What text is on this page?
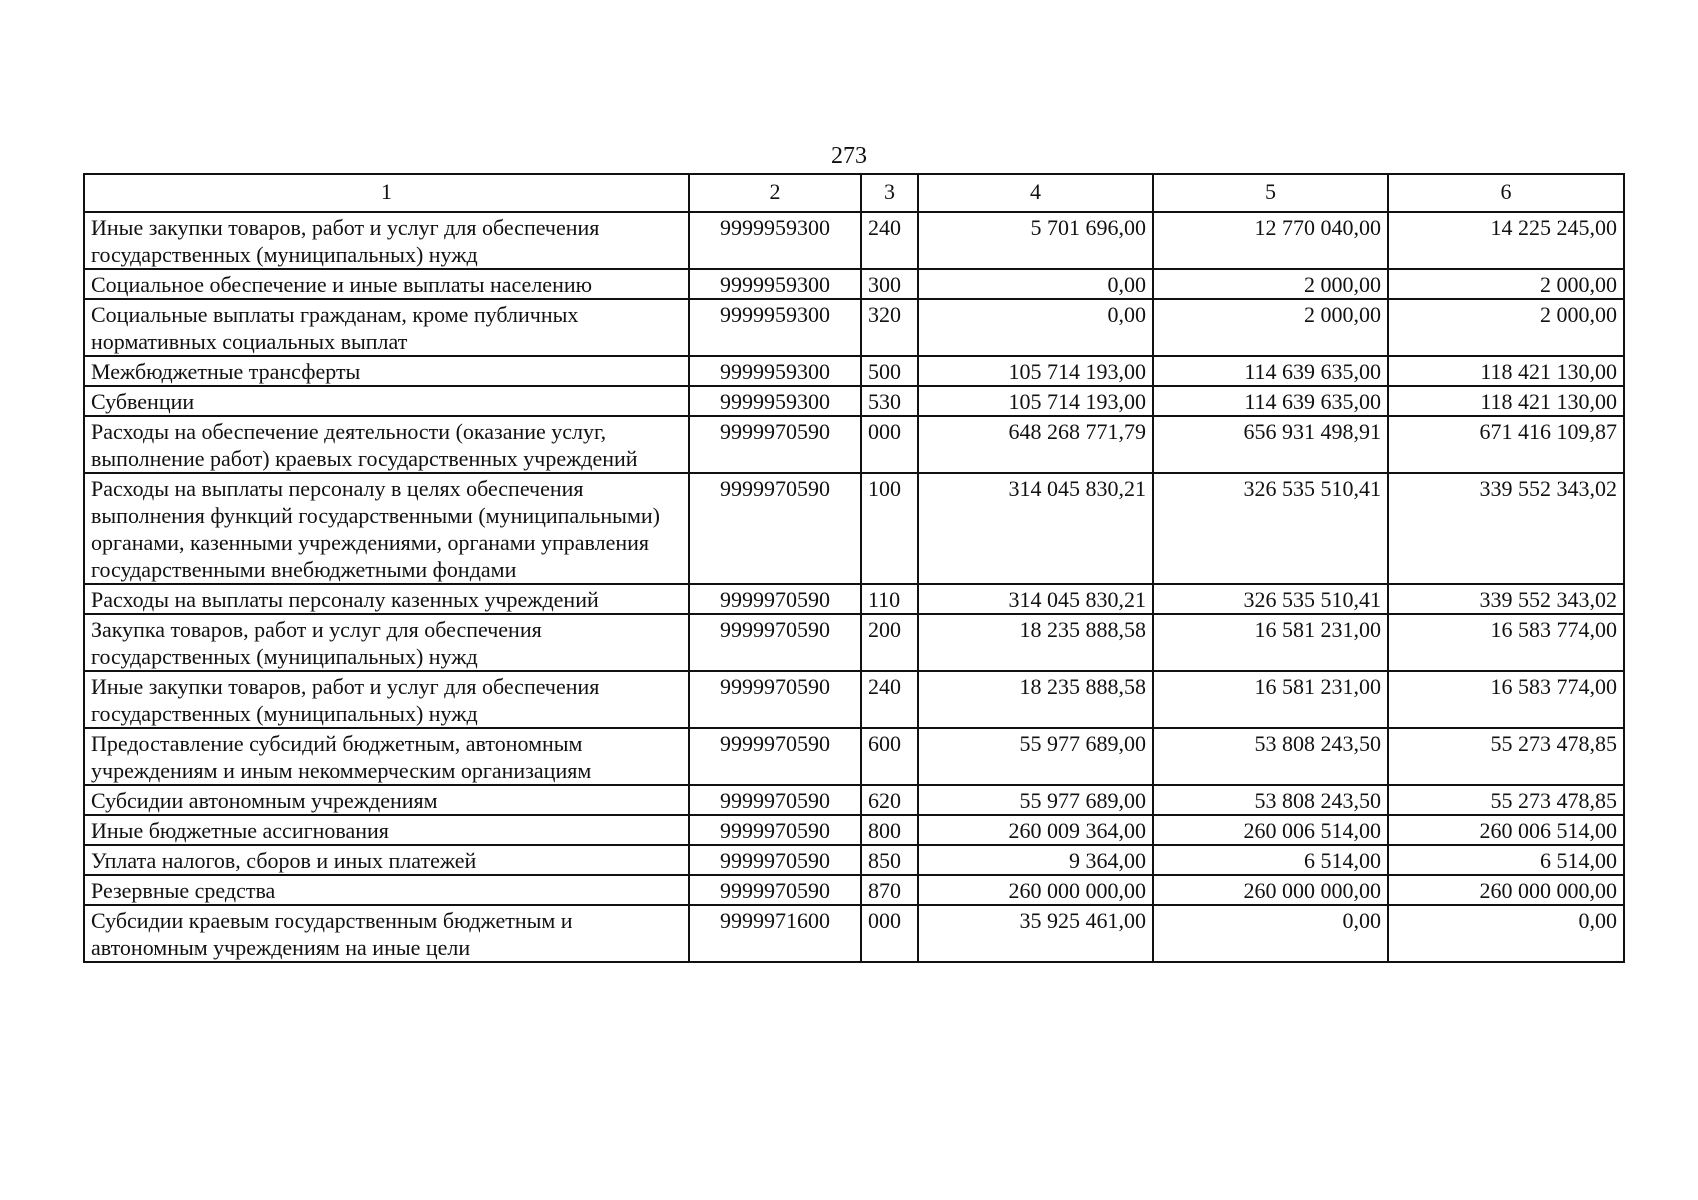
273
1	2	3	4	5	6
Иные закупки товаров, работ и услуг для обеспечения государственных (муниципальных) нужд	9999959300	240	5 701 696,00	12 770 040,00	14 225 245,00
Социальное обеспечение и иные выплаты населению	9999959300	300	0,00	2 000,00	2 000,00
Социальные выплаты гражданам, кроме публичных нормативных социальных выплат	9999959300	320	0,00	2 000,00	2 000,00
Межбюджетные трансферты	9999959300	500	105 714 193,00	114 639 635,00	118 421 130,00
Субвенции	9999959300	530	105 714 193,00	114 639 635,00	118 421 130,00
Расходы на обеспечение деятельности (оказание услуг, выполнение работ) краевых государственных учреждений	9999970590	000	648 268 771,79	656 931 498,91	671 416 109,87
Расходы на выплаты персоналу в целях обеспечения выполнения функций государственными (муниципальными) органами, казенными учреждениями, органами управления государственными внебюджетными фондами	9999970590	100	314 045 830,21	326 535 510,41	339 552 343,02
Расходы на выплаты персоналу казенных учреждений	9999970590	110	314 045 830,21	326 535 510,41	339 552 343,02
Закупка товаров, работ и услуг для обеспечения государственных (муниципальных) нужд	9999970590	200	18 235 888,58	16 581 231,00	16 583 774,00
Иные закупки товаров, работ и услуг для обеспечения государственных (муниципальных) нужд	9999970590	240	18 235 888,58	16 581 231,00	16 583 774,00
Предоставление субсидий бюджетным, автономным учреждениям и иным некоммерческим организациям	9999970590	600	55 977 689,00	53 808 243,50	55 273 478,85
Субсидии автономным учреждениям	9999970590	620	55 977 689,00	53 808 243,50	55 273 478,85
Иные бюджетные ассигнования	9999970590	800	260 009 364,00	260 006 514,00	260 006 514,00
Уплата налогов, сборов и иных платежей	9999970590	850	9 364,00	6 514,00	6 514,00
Резервные средства	9999970590	870	260 000 000,00	260 000 000,00	260 000 000,00
Субсидии краевым государственным бюджетным и автономным учреждениям на иные цели	9999971600	000	35 925 461,00	0,00	0,00
